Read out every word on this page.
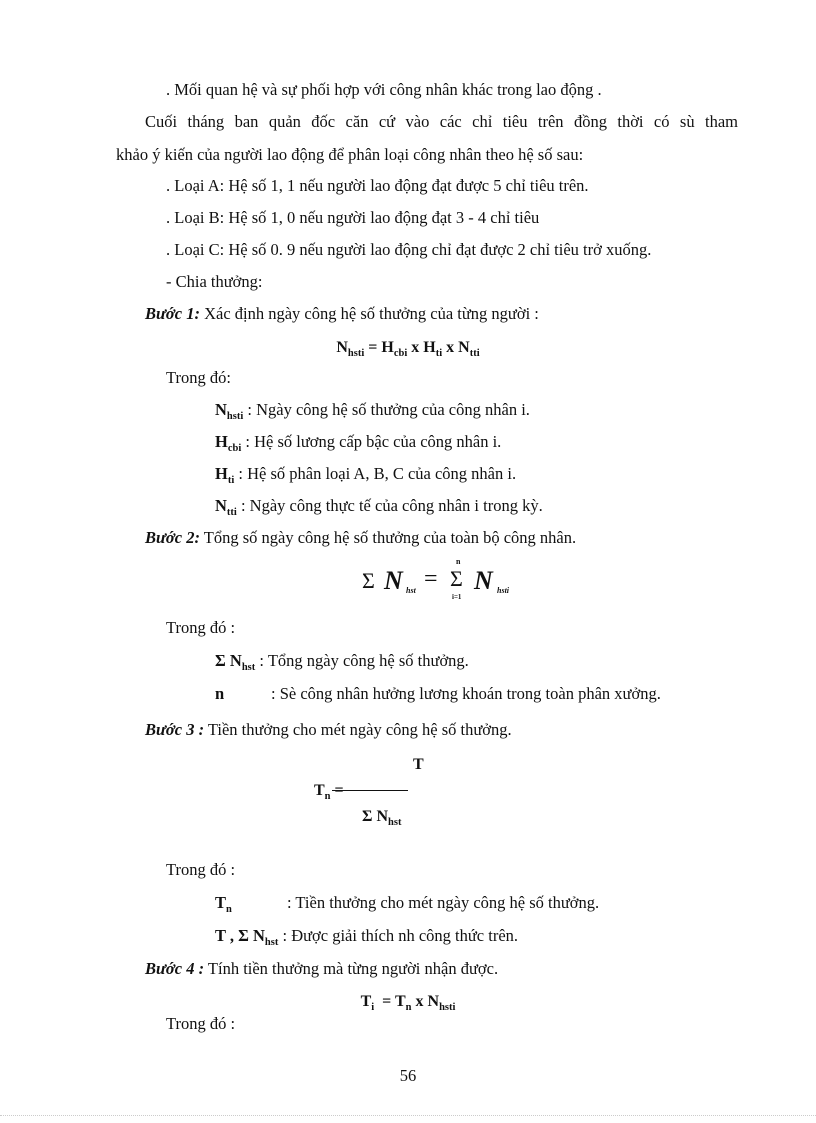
. Mối quan hệ và sự phối hợp với công nhân khác trong lao động .
Cuối tháng ban quản đốc căn cứ vào các chỉ tiêu trên đồng thời có sù tham
khảo ý kiến của người lao động để phân loại công nhân theo hệ số sau:
. Loại A: Hệ số 1, 1 nếu người lao động đạt được 5 chỉ tiêu trên.
. Loại B: Hệ số 1, 0 nếu người lao động đạt 3 - 4 chỉ tiêu
. Loại C: Hệ số 0. 9 nếu người lao động chỉ đạt được 2 chỉ tiêu trở xuống.
- Chia thưởng:
Bước 1: Xác định ngày công hệ số thưởng của từng người :
$N_{hsti} = H_{cbi}$ x $H_{ti}$ x $N_{tti}$
Trong đó:
$N_{hsti}$ : Ngày công hệ số thưởng của công nhân i.
$H_{cbi}$ : Hệ số lương cấp bậc của công nhân i.
$H_{ti}$ : Hệ số phân loại A, B, C của công nhân i.
$N_{tti}$ : Ngày công thực tế của công nhân i trong kỳ.
Bước 2: Tổng số ngày công hệ số thưởng của toàn bộ công nhân.
Σ N hst =
n
Σ
i=1
N hsti
Trong đó :
Σ $N_{hst}$ : Tổng ngày công hệ số thưởng.
n	: Sè công nhân hưởng lương khoán trong toàn phân xưởng.
Bước 3 : Tiền thưởng cho mét ngày công hệ số thưởng.
T
$T_n$ =
Σ $N_{hst}$
Trong đó :
$T_n$	: Tiền thưởng cho mét ngày công hệ số thưởng.
T , Σ $N_{hst}$ : Được giải thích nh công thức trên.
Bước 4 : Tính tiền thưởng mà từng người nhận được.
$T_i = T_n$ x $N_{hsti}$
Trong đó :
56
